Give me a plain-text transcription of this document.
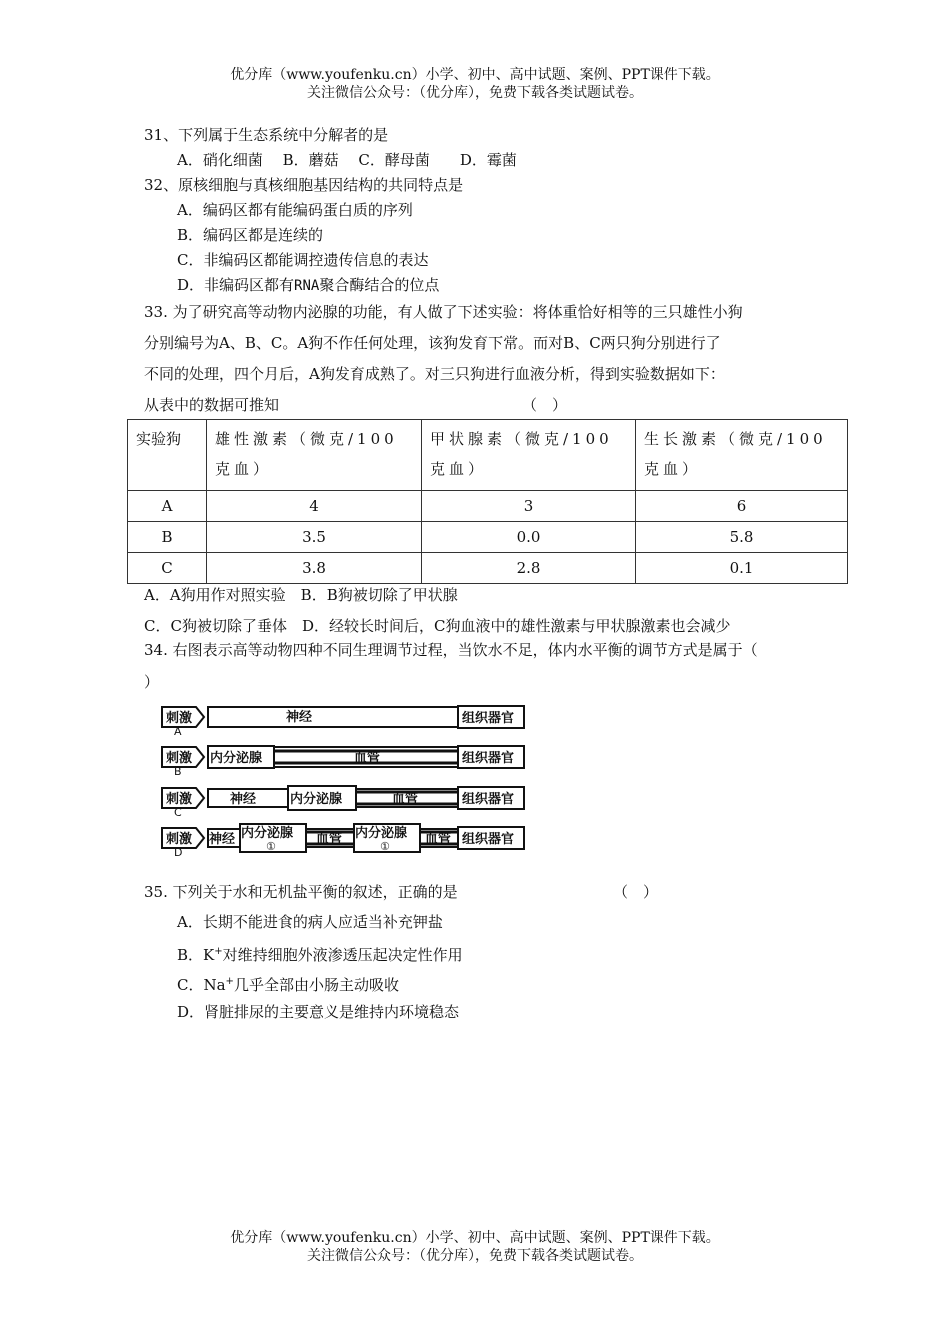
优分库（www.youfenku.cn）小学、初中、高中试题、案例、PPT课件下载。
关注微信公众号：（优分库），免费下载各类试题试卷。
31、下列属于生态系统中分解者的是
A．硝化细菌　 B．蘑菇　 C．酵母菌　　D．霉菌
32、原核细胞与真核细胞基因结构的共同特点是
A．编码区都有能编码蛋白质的序列
B．编码区都是连续的
C．非编码区都能调控遗传信息的表达
D．非编码区都有RNA聚合酶结合的位点
33. 为了研究高等动物内泌腺的功能，有人做了下述实验：将体重恰好相等的三只雄性小狗
分别编号为A、B、C。A狗不作任何处理，该狗发育下常。而对B、C两只狗分别进行了
不同的处理，四个月后，A狗发育成熟了。对三只狗进行血液分析，得到实验数据如下：
从表中的数据可推知	（　）
实验狗	雄性激素（微克/100克血）	甲状腺素（微克/100克血）	生长激素（微克/100克血）
A	4	3	6
B	3.5	0.0	5.8
C	3.8	2.8	0.1
A．A狗用作对照实验　B．B狗被切除了甲状腺
C．C狗被切除了垂体　D．经较长时间后，C狗血液中的雄性激素与甲状腺激素也会减少
34. 右图表示高等动物四种不同生理调节过程，当饮水不足，体内水平衡的调节方式是属于（
）
刺激
A
神经	组织器官
刺激
B
内分泌腺	血管	组织器官
刺激
C
神经	内分泌腺	血管	组织器官
刺激
D
神经 内分泌腺
①	血管 内分泌腺
①	血管 组织器官
35. 下列关于水和无机盐平衡的叙述，正确的是	（　）
A．长期不能进食的病人应适当补充钾盐
B．K+对维持细胞外液渗透压起决定性作用
C．Na+几乎全部由小肠主动吸收
D．肾脏排尿的主要意义是维持内环境稳态
优分库（www.youfenku.cn）小学、初中、高中试题、案例、PPT课件下载。
关注微信公众号：（优分库），免费下载各类试题试卷。
